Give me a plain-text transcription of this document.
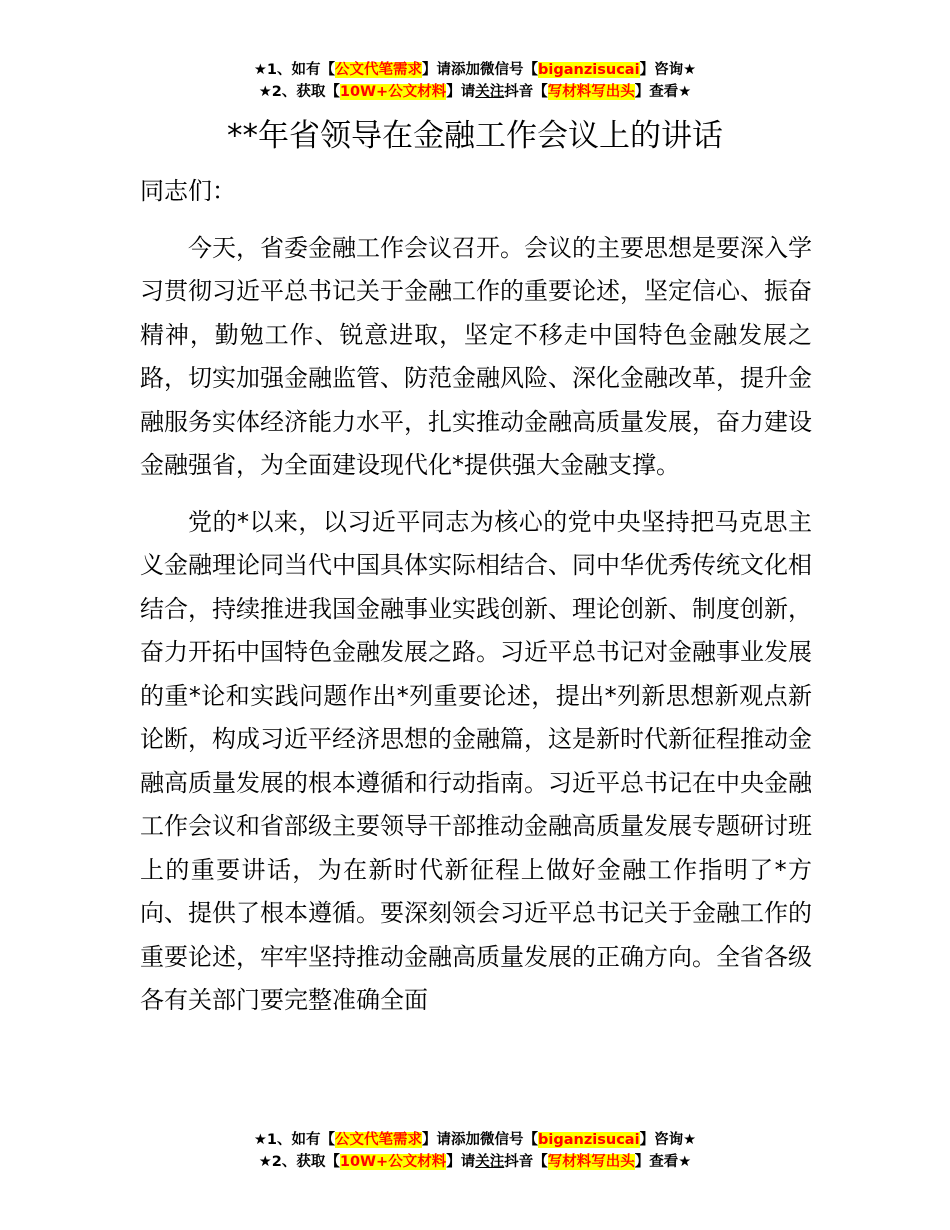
★1、如有【公文代笔需求】请添加微信号【biganzisucai】咨询★
★2、获取【10W+公文材料】请关注抖音【写材料写出头】查看★
**年省领导在金融工作会议上的讲话

同志们：

今天，省委金融工作会议召开。会议的主要思想是要深入学习贯彻习近平总书记关于金融工作的重要论述，坚定信心、振奋精神，勤勉工作、锐意进取，坚定不移走中国特色金融发展之路，切实加强金融监管、防范金融风险、深化金融改革，提升金融服务实体经济能力水平，扎实推动金融高质量发展，奋力建设金融强省，为全面建设现代化*提供强大金融支撑。

党的*以来，以习近平同志为核心的党中央坚持把马克思主义金融理论同当代中国具体实际相结合、同中华优秀传统文化相结合，持续推进我国金融事业实践创新、理论创新、制度创新，奋力开拓中国特色金融发展之路。习近平总书记对金融事业发展的重*论和实践问题作出*列重要论述，提出*列新思想新观点新论断，构成习近平经济思想的金融篇，这是新时代新征程推动金融高质量发展的根本遵循和行动指南。习近平总书记在中央金融工作会议和省部级主要领导干部推动金融高质量发展专题研讨班上的重要讲话，为在新时代新征程上做好金融工作指明了*方向、提供了根本遵循。要深刻领会习近平总书记关于金融工作的重要论述，牢牢坚持推动金融高质量发展的正确方向。全省各级各有关部门要完整准确全面

★1、如有【公文代笔需求】请添加微信号【biganzisucai】咨询★
★2、获取【10W+公文材料】请关注抖音【写材料写出头】查看★
